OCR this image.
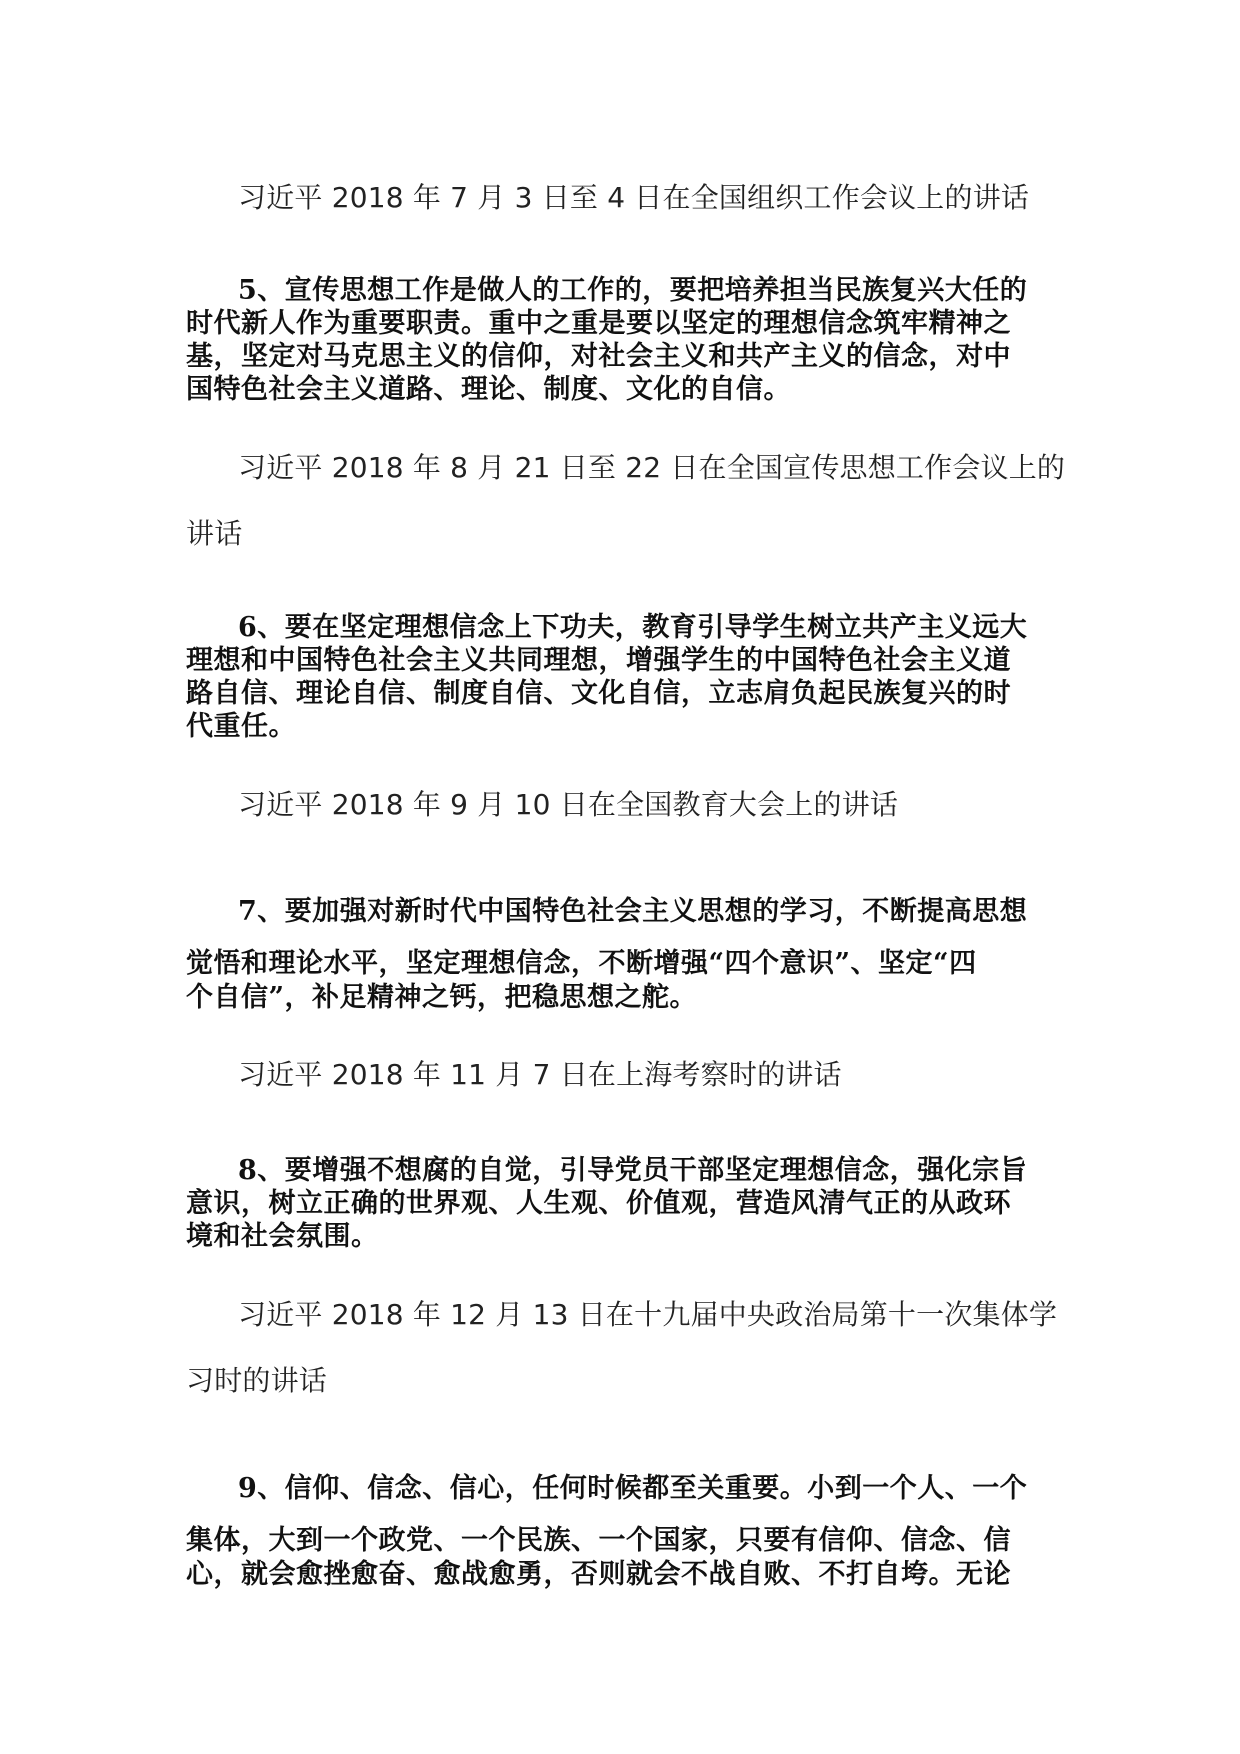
习近平 2018 年 7 月 3 日至 4 日在全国组织工作会议上的讲话

5、宣传思想工作是做人的工作的，要把培养担当民族复兴大任的

时代新人作为重要职责。重中之重是要以坚定的理想信念筑牢精神之

基，坚定对马克思主义的信仰，对社会主义和共产主义的信念，对中

国特色社会主义道路、理论、制度、文化的自信。

习近平 2018 年 8 月 21 日至 22 日在全国宣传思想工作会议上的

讲话

6、要在坚定理想信念上下功夫，教育引导学生树立共产主义远大

理想和中国特色社会主义共同理想，增强学生的中国特色社会主义道

路自信、理论自信、制度自信、文化自信，立志肩负起民族复兴的时

代重任。

习近平 2018 年 9 月 10 日在全国教育大会上的讲话

7、要加强对新时代中国特色社会主义思想的学习，不断提高思想

觉悟和理论水平，坚定理想信念，不断增强“四个意识”、坚定“四

个自信”，补足精神之钙，把稳思想之舵。

习近平 2018 年 11 月 7 日在上海考察时的讲话

8、要增强不想腐的自觉，引导党员干部坚定理想信念，强化宗旨

意识，树立正确的世界观、人生观、价值观，营造风清气正的从政环

境和社会氛围。

习近平 2018 年 12 月 13 日在十九届中央政治局第十一次集体学

习时的讲话

9、信仰、信念、信心，任何时候都至关重要。小到一个人、一个

集体，大到一个政党、一个民族、一个国家，只要有信仰、信念、信

心，就会愈挫愈奋、愈战愈勇，否则就会不战自败、不打自垮。无论
